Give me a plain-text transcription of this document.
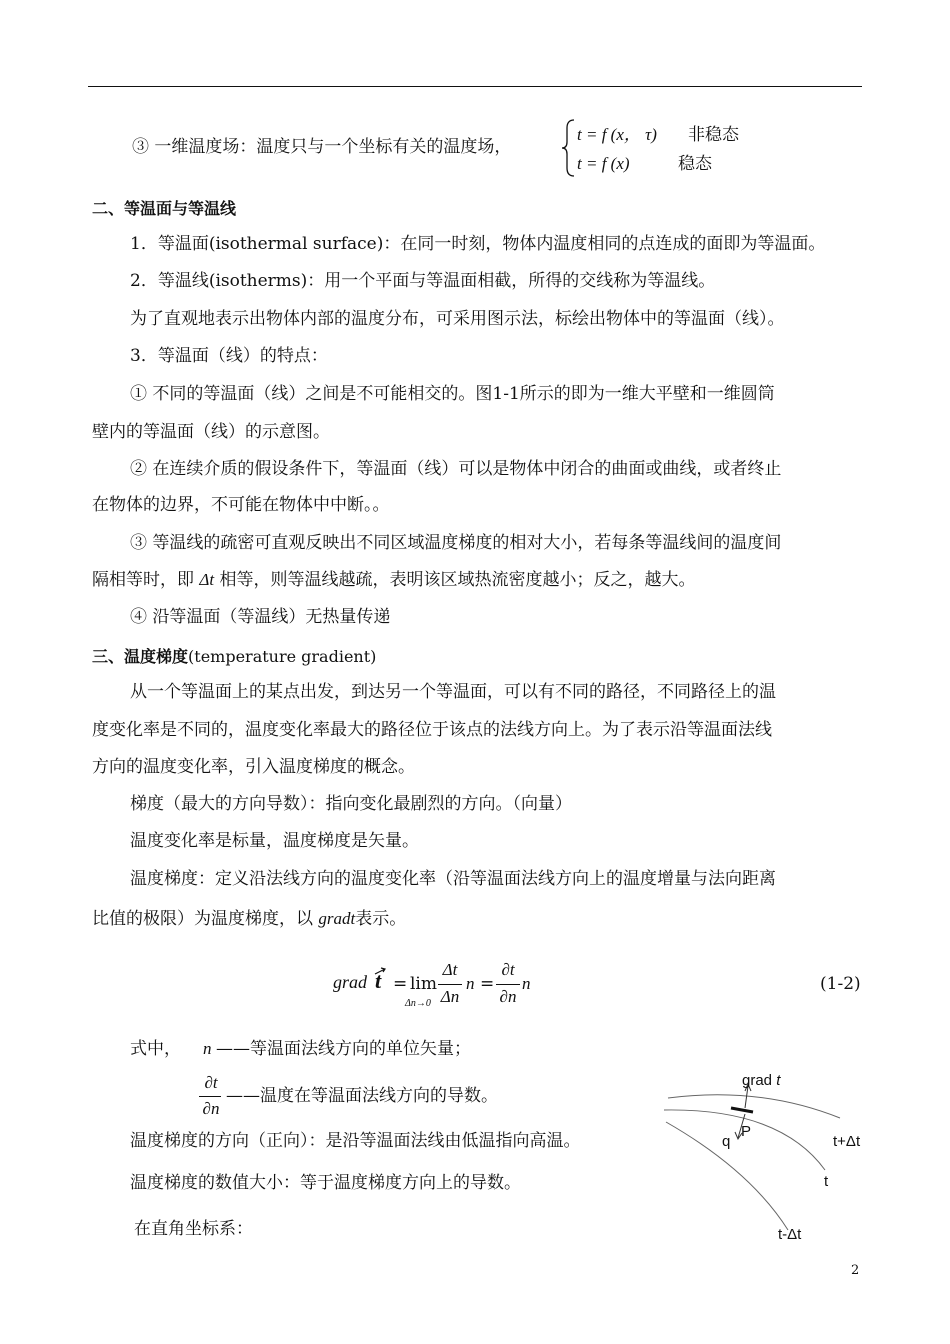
③ 一维温度场：温度只与一个坐标有关的温度场，
t = f (x， τ) 非稳态
t = f (x)	稳态
二、等温面与等温线
1．等温面(isothermal surface)：在同一时刻，物体内温度相同的点连成的面即为等温面。
2．等温线(isotherms)：用一个平面与等温面相截，所得的交线称为等温线。
为了直观地表示出物体内部的温度分布，可采用图示法，标绘出物体中的等温面（线）。
3．等温面（线）的特点：
① 不同的等温面（线）之间是不可能相交的。图1-1所示的即为一维大平壁和一维圆筒
壁内的等温面（线）的示意图。
② 在连续介质的假设条件下，等温面（线）可以是物体中闭合的曲面或曲线，或者终止
在物体的边界，不可能在物体中中断。。
③ 等温线的疏密可直观反映出不同区域温度梯度的相对大小，若每条等温线间的温度间
隔相等时，即 Δt 相等，则等温线越疏，表明该区域热流密度越小；反之，越大。
④ 沿等温面（等温线）无热量传递
三、温度梯度(temperature gradient)
从一个等温面上的某点出发，到达另一个等温面，可以有不同的路径，不同路径上的温
度变化率是不同的，温度变化率最大的路径位于该点的法线方向上。为了表示沿等温面法线
方向的温度变化率，引入温度梯度的概念。
梯度（最大的方向导数）：指向变化最剧烈的方向。（向量）
温度变化率是标量，温度梯度是矢量。
温度梯度：定义沿法线方向的温度变化率（沿等温面法线方向上的温度增量与法向距离
比值的极限）为温度梯度，以 gradt表示。
grad t = lim
Δn→0
Δt
Δn
n =
∂t
∂n
n	(1-2)
式中， n ——等温面法线方向的单位矢量；
∂t
∂n
——温度在等温面法线方向的导数。
温度梯度的方向（正向）：是沿等温面法线由低温指向高温。
温度梯度的数值大小：等于温度梯度方向上的导数。
在直角坐标系：
grad t
P
q	t+Δt
t
t-Δt
2
